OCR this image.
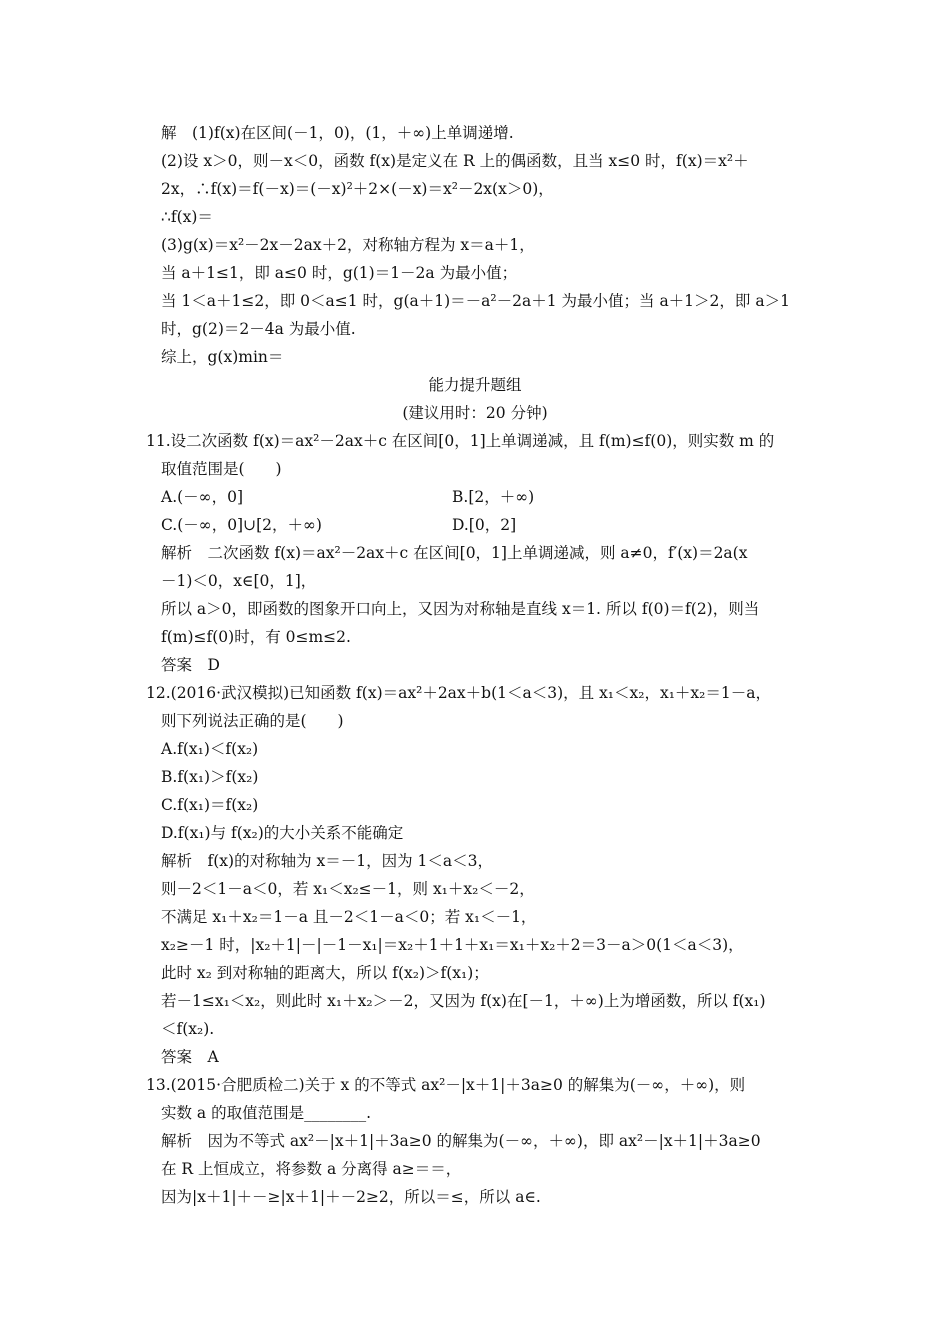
解　(1)f(x)在区间(－1，0)，(1，＋∞)上单调递增.
(2)设 x＞0，则－x＜0，函数 f(x)是定义在 R 上的偶函数，且当 x≤0 时，f(x)＝x²＋
2x，∴f(x)＝f(－x)＝(－x)²＋2×(－x)＝x²－2x(x＞0)，
∴f(x)＝
(3)g(x)＝x²－2x－2ax＋2，对称轴方程为 x＝a＋1，
当 a＋1≤1，即 a≤0 时，g(1)＝1－2a 为最小值；
当 1＜a＋1≤2，即 0＜a≤1 时，g(a＋1)＝－a²－2a＋1 为最小值；当 a＋1＞2，即 a＞1
时，g(2)＝2－4a 为最小值.
综上，g(x)min＝
能力提升题组
(建议用时：20 分钟)
11.设二次函数 f(x)＝ax²－2ax＋c 在区间[0，1]上单调递减，且 f(m)≤f(0)，则实数 m 的
取值范围是(　　)
A.(－∞，0]	B.[2，＋∞)
C.(－∞，0]∪[2，＋∞)	D.[0，2]
解析　二次函数 f(x)＝ax²－2ax＋c 在区间[0，1]上单调递减，则 a≠0，f′(x)＝2a(x
－1)＜0，x∈[0，1]，
所以 a＞0，即函数的图象开口向上，又因为对称轴是直线 x＝1. 所以 f(0)＝f(2)，则当
f(m)≤f(0)时，有 0≤m≤2.
答案　D
12.(2016·武汉模拟)已知函数 f(x)＝ax²＋2ax＋b(1＜a＜3)，且 x₁＜x₂，x₁＋x₂＝1－a，
则下列说法正确的是(　　)
A.f(x₁)＜f(x₂)
B.f(x₁)＞f(x₂)
C.f(x₁)＝f(x₂)
D.f(x₁)与 f(x₂)的大小关系不能确定
解析　f(x)的对称轴为 x＝－1，因为 1＜a＜3，
则－2＜1－a＜0，若 x₁＜x₂≤－1，则 x₁＋x₂＜－2，
不满足 x₁＋x₂＝1－a 且－2＜1－a＜0；若 x₁＜－1，
x₂≥－1 时，|x₂＋1|－|－1－x₁|＝x₂＋1＋1＋x₁＝x₁＋x₂＋2＝3－a＞0(1＜a＜3)，
此时 x₂ 到对称轴的距离大，所以 f(x₂)＞f(x₁)；
若－1≤x₁＜x₂，则此时 x₁＋x₂＞－2，又因为 f(x)在[－1，＋∞)上为增函数，所以 f(x₁)
＜f(x₂).
答案　A
13.(2015·合肥质检二)关于 x 的不等式 ax²－|x＋1|＋3a≥0 的解集为(－∞，＋∞)，则
实数 a 的取值范围是________.
解析　因为不等式 ax²－|x＋1|＋3a≥0 的解集为(－∞，＋∞)，即 ax²－|x＋1|＋3a≥0
在 R 上恒成立，将参数 a 分离得 a≥＝＝，
因为|x＋1|＋－≥|x＋1|＋－2≥2，所以＝≤，所以 a∈.
